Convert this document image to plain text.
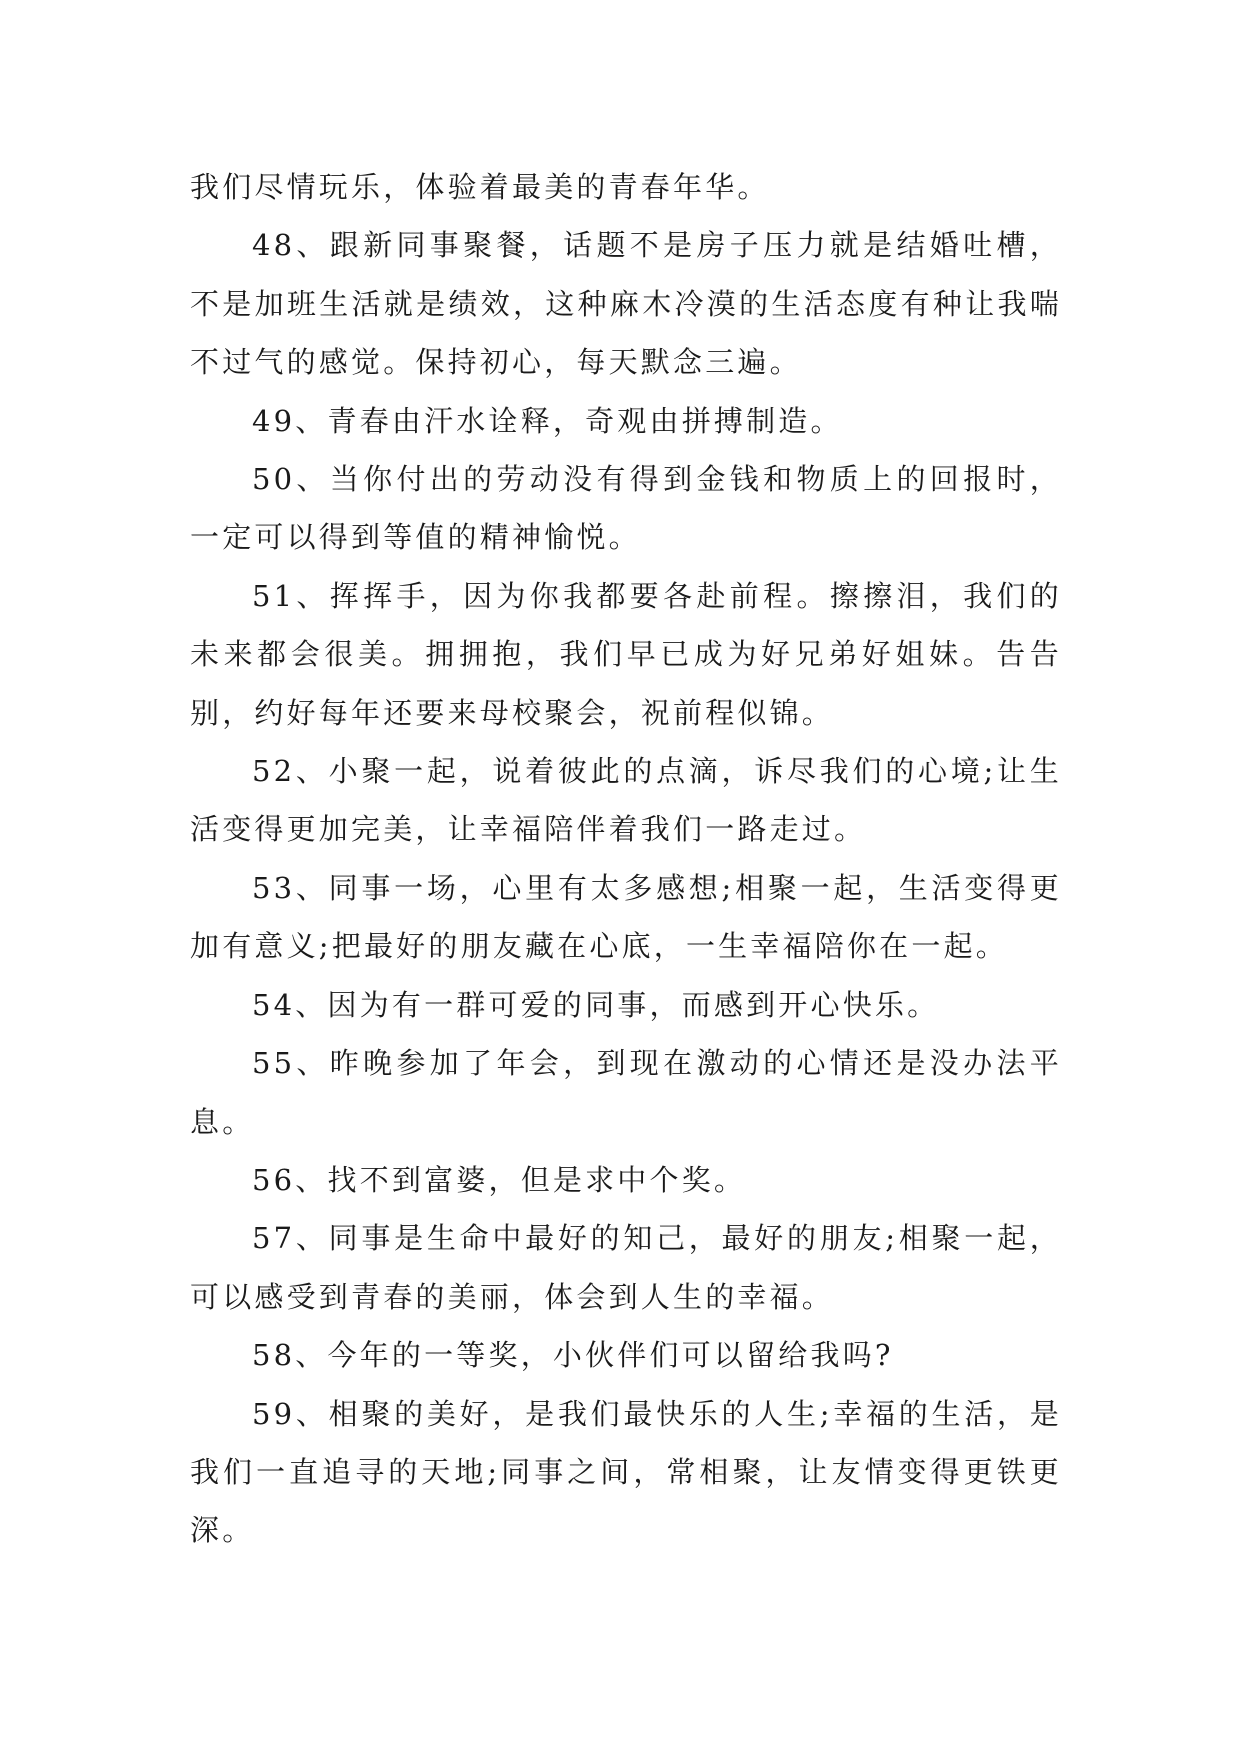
我们尽情玩乐，体验着最美的青春年华。

48、跟新同事聚餐，话题不是房子压力就是结婚吐槽，不是加班生活就是绩效，这种麻木冷漠的生活态度有种让我喘不过气的感觉。保持初心，每天默念三遍。

49、青春由汗水诠释，奇观由拼搏制造。

50、当你付出的劳动没有得到金钱和物质上的回报时，一定可以得到等值的精神愉悦。

51、挥挥手，因为你我都要各赴前程。擦擦泪，我们的未来都会很美。拥拥抱，我们早已成为好兄弟好姐妹。告告别，约好每年还要来母校聚会，祝前程似锦。

52、小聚一起，说着彼此的点滴，诉尽我们的心境;让生活变得更加完美，让幸福陪伴着我们一路走过。

53、同事一场，心里有太多感想;相聚一起，生活变得更加有意义;把最好的朋友藏在心底，一生幸福陪你在一起。

54、因为有一群可爱的同事，而感到开心快乐。

55、昨晚参加了年会，到现在激动的心情还是没办法平息。

56、找不到富婆，但是求中个奖。

57、同事是生命中最好的知己，最好的朋友;相聚一起，可以感受到青春的美丽，体会到人生的幸福。

58、今年的一等奖，小伙伴们可以留给我吗?

59、相聚的美好，是我们最快乐的人生;幸福的生活，是我们一直追寻的天地;同事之间，常相聚，让友情变得更铁更深。
